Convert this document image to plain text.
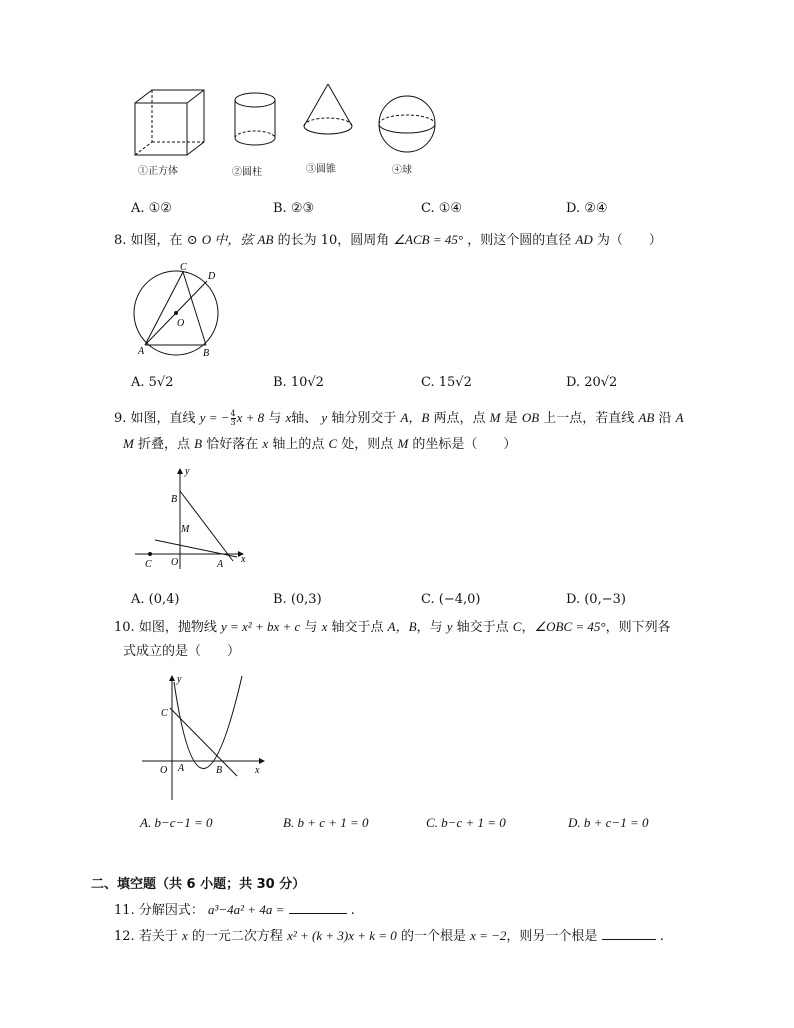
①正方体	②圆柱	③圆锥	④球
A. ①②	B. ②③	C. ①④	D. ②④
8. 如图，在 ⊙ O 中，弦 AB 的长为 10，圆周角 ∠ACB = 45° ，则这个圆的直径 AD 为（　　）
C
D
O
A	B
A. 5√2	B. 10√2	C. 15√2	D. 20√2
9. 如图，直线 y = − $\frac{4}{3}$ x + 8 与 x轴、 y 轴分别交于 A，B 两点，点 M 是 OB 上一点，若直线 AB 沿 A
M 折叠，点 B 恰好落在 x 轴上的点 C 处，则点 M 的坐标是（　　）
y
B
M
C O	A x
A. (0,4)	B. (0,3)	C. (−4,0)	D. (0,−3)
10. 如图，抛物线 y = x² + bx + c 与 x 轴交于点 A，B，与 y 轴交于点 C，∠OBC = 45°，则下列各
式成立的是（　　）
y
C
O A	B	x
A. b−c−1 = 0	B. b + c + 1 = 0	C. b−c + 1 = 0	D. b + c−1 = 0
二、填空题（共 6 小题；共 30 分）
11. 分解因式： a³−4a² + 4a =	.
12. 若关于 x 的一元二次方程 x² + (k + 3)x + k = 0 的一个根是 x = −2，则另一个根是	.
